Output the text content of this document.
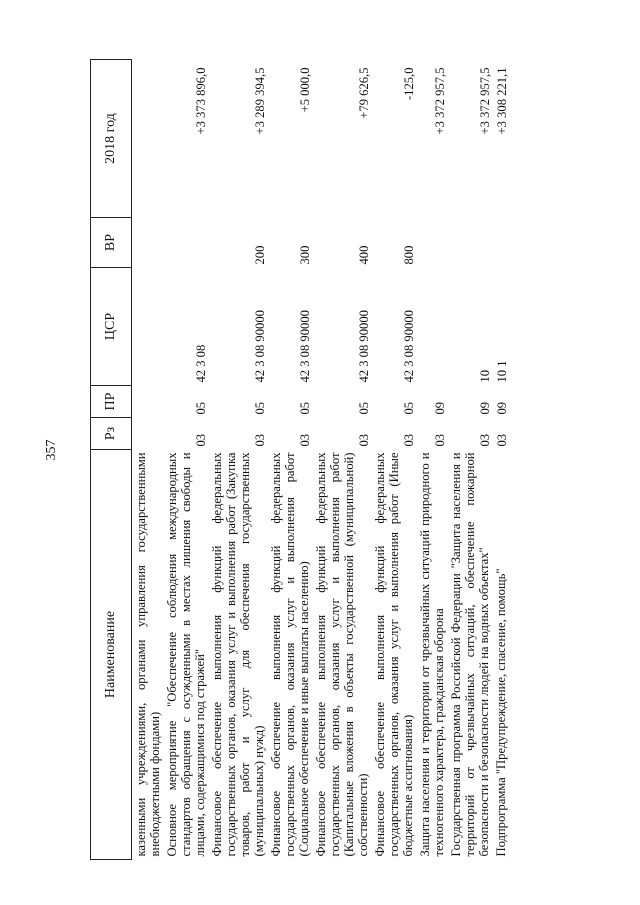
357
Наименование	Рз	ПР	ЦСР	ВР	2018 год
казенными учреждениями, органами управления государственными внебюджетными фондами)					
Основное мероприятие "Обеспечение соблюдения международных стандартов обращения с осужденными в местах лишения свободы и лицами, содержащимися под стражей"	03	05	42 3 08		+3 373 896,0
Финансовое обеспечение выполнения функций федеральных государственных органов, оказания услуг и выполнения работ (Закупка товаров, работ и услуг для обеспечения государственных (муниципальных) нужд)	03	05	42 3 08 90000	200	+3 289 394,5
Финансовое обеспечение выполнения функций федеральных государственных органов, оказания услуг и выполнения работ (Социальное обеспечение и иные выплаты населению)	03	05	42 3 08 90000	300	+5 000,0
Финансовое обеспечение выполнения функций федеральных государственных органов, оказания услуг и выполнения работ (Капитальные вложения в объекты государственной (муниципальной) собственности)	03	05	42 3 08 90000	400	+79 626,5
Финансовое обеспечение выполнения функций федеральных государственных органов, оказания услуг и выполнения работ (Иные бюджетные ассигнования)	03	05	42 3 08 90000	800	-125,0
Защита населения и территории от чрезвычайных ситуаций природного и техногенного характера, гражданская оборона	03	09			+3 372 957,5
Государственная программа Российской Федерации "Защита населения и территорий от чрезвычайных ситуаций, обеспечение пожарной безопасности и безопасности людей на водных объектах"	03	09	10		+3 372 957,5
Подпрограмма "Предупреждение, спасение, помощь"	03	09	10 1		+3 308 221,1
